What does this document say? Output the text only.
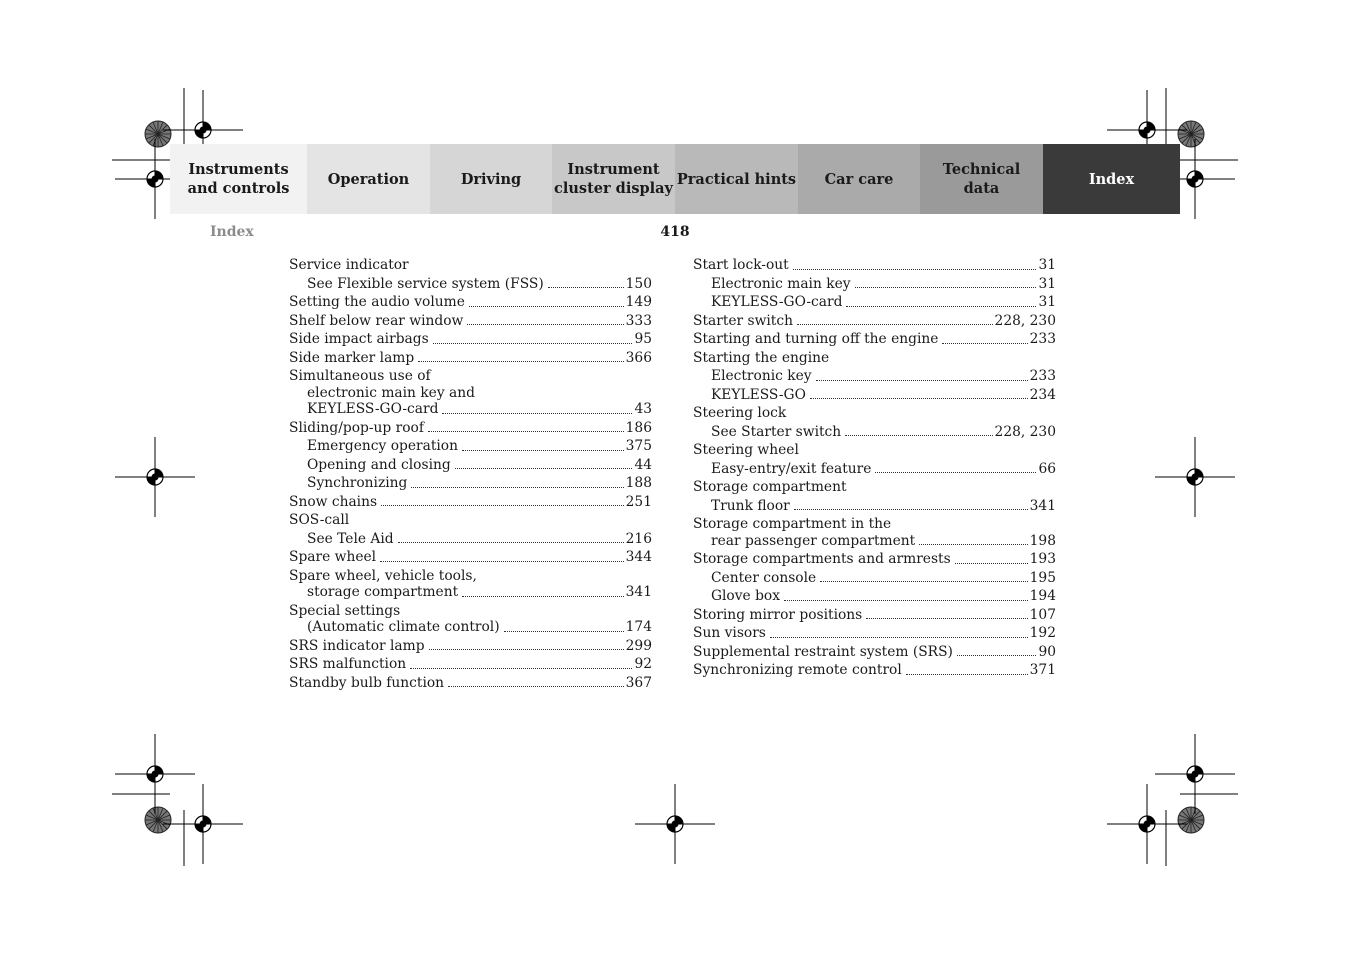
Instruments
and controls
Operation	Driving
Instrument
cluster display
Practical hints	Car care
Technical
data
Index
Index	418
Service indicator
See Flexible service system (FSS)	150
Setting the audio volume	149
Shelf below rear window	333
Side impact airbags	95
Side marker lamp	366
Simultaneous use of
electronic main key and
KEYLESS-GO-card	43
Sliding/pop-up roof	186
Emergency operation	375
Opening and closing	44
Synchronizing	188
Snow chains	251
SOS-call
See Tele Aid	216
Spare wheel	344
Spare wheel, vehicle tools,
storage compartment	341
Special settings
(Automatic climate control)	174
SRS indicator lamp	299
SRS malfunction	92
Standby bulb function	367
Start lock-out	31
Electronic main key	31
KEYLESS-GO-card	31
Starter switch	228, 230
Starting and turning off the engine	233
Starting the engine
Electronic key	233
KEYLESS-GO	234
Steering lock
See Starter switch	228, 230
Steering wheel
Easy-entry/exit feature	66
Storage compartment
Trunk floor	341
Storage compartment in the
rear passenger compartment	198
Storage compartments and armrests	193
Center console	195
Glove box	194
Storing mirror positions	107
Sun visors	192
Supplemental restraint system (SRS)	90
Synchronizing remote control	371
